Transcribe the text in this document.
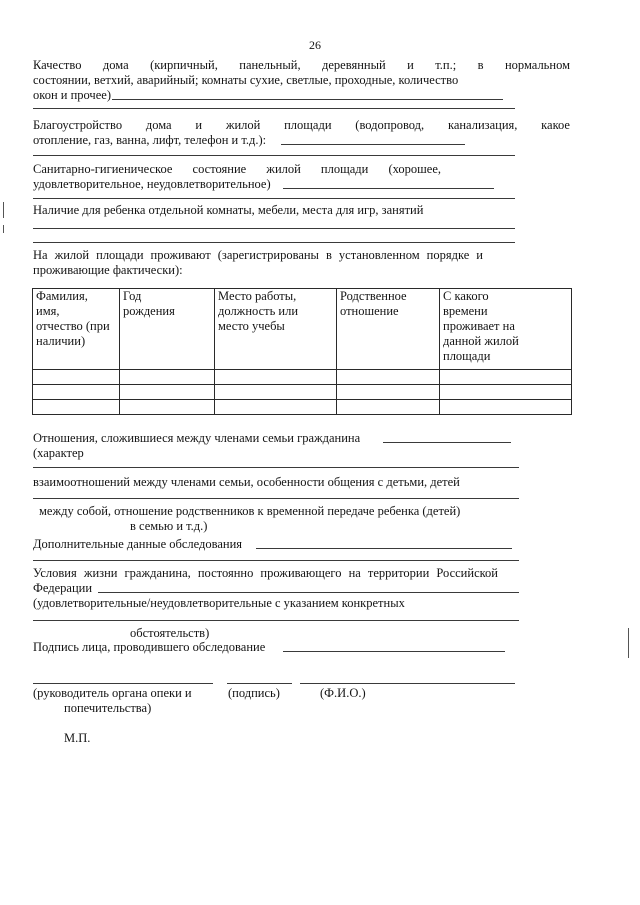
26
Качество дома (кирпичный, панельный, деревянный и т.п.; в нормальном
состоянии, ветхий, аварийный; комнаты сухие, светлые, проходные, количество
окон и прочее)
Благоустройство дома и жилой площади (водопровод, канализация, какое
отопление, газ, ванна, лифт, телефон и т.д.):
Санитарно-гигиеническое состояние жилой площади (хорошее,
удовлетворительное, неудовлетворительное)
Наличие для ребенка отдельной комнаты, мебели, места для игр, занятий
На жилой площади проживают (зарегистрированы в установленном порядке и
проживающие фактически):
Фамилия,
имя,
отчество (при
наличии)	Год
рождения	Место работы,
должность или
место учебы	Родственное
отношение	С какого
времени
проживает на
данной жилой
площади

Отношения, сложившиеся между членами семьи гражданина
(характер
взаимоотношений между членами семьи, особенности общения с детьми, детей
между собой, отношение родственников к временной передаче ребенка (детей)
в семью и т.д.)
Дополнительные данные обследования
Условия жизни гражданина, постоянно проживающего на территории Российской
Федерации
(удовлетворительные/неудовлетворительные с указанием конкретных
обстоятельств)
Подпись лица, проводившего обследование
(руководитель органа опеки и
попечительства)
(подпись)	(Ф.И.О.)
М.П.
